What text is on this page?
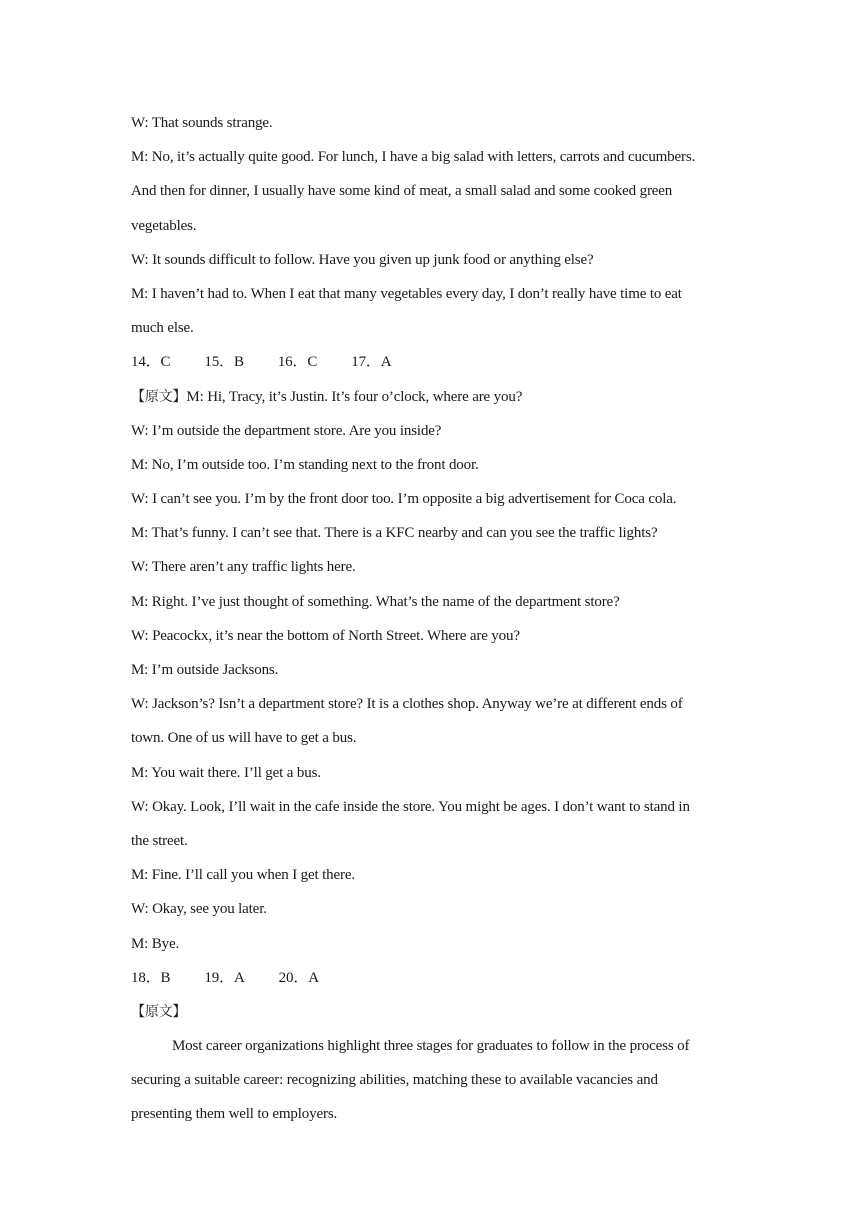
W: That sounds strange.
M: No, it’s actually quite good. For lunch, I have a big salad with letters, carrots and cucumbers.
And then for dinner, I usually have some kind of meat, a small salad and some cooked green
vegetables.
W: It sounds difficult to follow. Have you given up junk food or anything else?
M: I haven’t had to. When I eat that many vegetables every day, I don’t really have time to eat
much else.
14．C 15．B 16．C 17．A
【原文】M: Hi, Tracy, it’s Justin. It’s four o’clock, where are you?
W: I’m outside the department store. Are you inside?
M: No, I’m outside too. I’m standing next to the front door.
W: I can’t see you. I’m by the front door too. I’m opposite a big advertisement for Coca cola.
M: That’s funny. I can’t see that. There is a KFC nearby and can you see the traffic lights?
W: There aren’t any traffic lights here.
M: Right. I’ve just thought of something. What’s the name of the department store?
W: Peacockx, it’s near the bottom of North Street. Where are you?
M: I’m outside Jacksons.
W: Jackson’s? Isn’t a department store? It is a clothes shop. Anyway we’re at different ends of
town. One of us will have to get a bus.
M: You wait there. I’ll get a bus.
W: Okay. Look, I’ll wait in the cafe inside the store. You might be ages. I don’t want to stand in
the street.
M: Fine. I’ll call you when I get there.
W: Okay, see you later.
M: Bye.
18．B 19．A 20．A
【原文】
Most career organizations highlight three stages for graduates to follow in the process of
securing a suitable career: recognizing abilities, matching these to available vacancies and
presenting them well to employers.
